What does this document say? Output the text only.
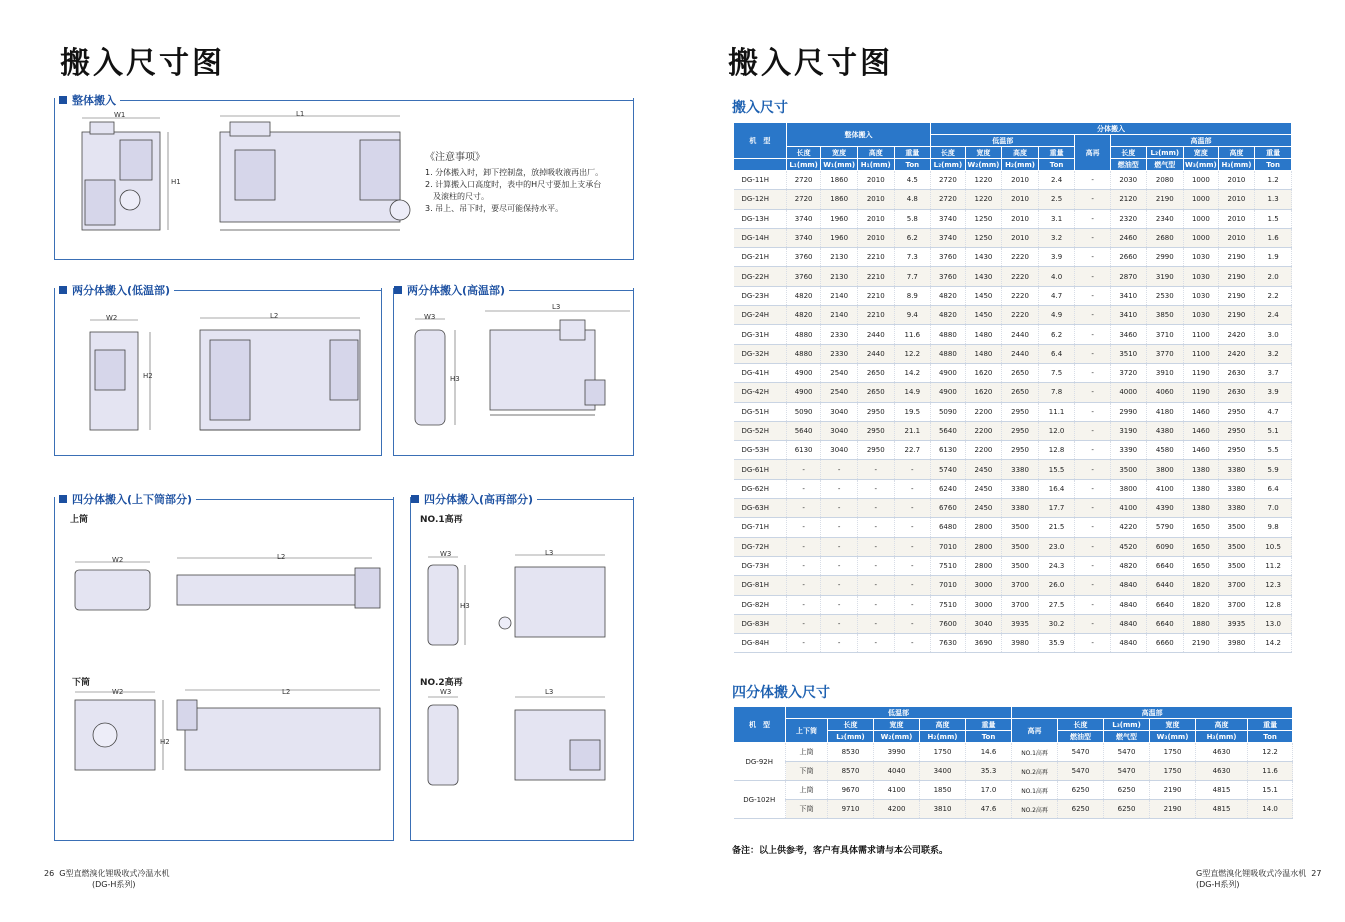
搬入尺寸图
整体搬入
W1
H1
L1
《注意事项》
1. 分体搬入时，卸下控制盘，放掉吸收液再出厂。
2. 计算搬入口高度时，表中的H尺寸要加上支承台
及滚柱的尺寸。
3. 吊上、吊下时，要尽可能保持水平。
两分体搬入(低温部)
W2
H2
L2
两分体搬入(高温部)
W3
H3
L3
四分体搬入(上下筒部分)
上筒
下筒
W2	L2
W2	L2
H2
四分体搬入(高再部分)
NO.1高再
NO.2高再
W3	L3
H3
W3	L3
26 G型直燃溴化锂吸收式冷温水机
(DG-H系列)
搬入尺寸图
搬入尺寸
机　型	整体搬入				分体搬入									
					低温部				高再	高温部				
	长度	宽度	高度	重量	长度	宽度	高度	重量		长度	L₂(mm)	宽度	高度	重量
	L₁(mm)	W₁(mm)	H₁(mm)	Ton	L₂(mm)	W₂(mm)	H₂(mm)	Ton		燃油型	燃气型	W₃(mm)	H₃(mm)	Ton
DG-11H	2720	1860	2010	4.5	2720	1220	2010	2.4	-	2030	2080	1000	2010	1.2
DG-12H	2720	1860	2010	4.8	2720	1220	2010	2.5	-	2120	2190	1000	2010	1.3
DG-13H	3740	1960	2010	5.8	3740	1250	2010	3.1	-	2320	2340	1000	2010	1.5
DG-14H	3740	1960	2010	6.2	3740	1250	2010	3.2	-	2460	2680	1000	2010	1.6
DG-21H	3760	2130	2210	7.3	3760	1430	2220	3.9	-	2660	2990	1030	2190	1.9
DG-22H	3760	2130	2210	7.7	3760	1430	2220	4.0	-	2870	3190	1030	2190	2.0
DG-23H	4820	2140	2210	8.9	4820	1450	2220	4.7	-	3410	2530	1030	2190	2.2
DG-24H	4820	2140	2210	9.4	4820	1450	2220	4.9	-	3410	3850	1030	2190	2.4
DG-31H	4880	2330	2440	11.6	4880	1480	2440	6.2	-	3460	3710	1100	2420	3.0
DG-32H	4880	2330	2440	12.2	4880	1480	2440	6.4	-	3510	3770	1100	2420	3.2
DG-41H	4900	2540	2650	14.2	4900	1620	2650	7.5	-	3720	3910	1190	2630	3.7
DG-42H	4900	2540	2650	14.9	4900	1620	2650	7.8	-	4000	4060	1190	2630	3.9
DG-51H	5090	3040	2950	19.5	5090	2200	2950	11.1	-	2990	4180	1460	2950	4.7
DG-52H	5640	3040	2950	21.1	5640	2200	2950	12.0	-	3190	4380	1460	2950	5.1
DG-53H	6130	3040	2950	22.7	6130	2200	2950	12.8	-	3390	4580	1460	2950	5.5
DG-61H	-	-	-	-	5740	2450	3380	15.5	-	3500	3800	1380	3380	5.9
DG-62H	-	-	-	-	6240	2450	3380	16.4	-	3800	4100	1380	3380	6.4
DG-63H	-	-	-	-	6760	2450	3380	17.7	-	4100	4390	1380	3380	7.0
DG-71H	-	-	-	-	6480	2800	3500	21.5	-	4220	5790	1650	3500	9.8
DG-72H	-	-	-	-	7010	2800	3500	23.0	-	4520	6090	1650	3500	10.5
DG-73H	-	-	-	-	7510	2800	3500	24.3	-	4820	6640	1650	3500	11.2
DG-81H	-	-	-	-	7010	3000	3700	26.0	-	4840	6440	1820	3700	12.3
DG-82H	-	-	-	-	7510	3000	3700	27.5	-	4840	6640	1820	3700	12.8
DG-83H	-	-	-	-	7600	3040	3935	30.2	-	4840	6640	1880	3935	13.0
DG-84H	-	-	-	-	7630	3690	3980	35.9	-	4840	6660	2190	3980	14.2
四分体搬入尺寸
机　型	低温部					高温部					
	上下筒	长度	宽度	高度	重量	高再	长度	L₃(mm)	宽度	高度	重量
		L₂(mm)	W₂(mm)	H₂(mm)	Ton		燃油型	燃气型	W₃(mm)	H₃(mm)	Ton
DG-92H	上筒	8530	3990	1750	14.6	NO.1高再	5470	5470	1750	4630	12.2
	下筒	8570	4040	3400	35.3	NO.2高再	5470	5470	1750	4630	11.6
DG-102H	上筒	9670	4100	1850	17.0	NO.1高再	6250	6250	2190	4815	15.1
	下筒	9710	4200	3810	47.6	NO.2高再	6250	6250	2190	4815	14.0
备注：以上供参考，客户有具体需求请与本公司联系。
G型直燃溴化锂吸收式冷温水机 27
(DG-H系列)
